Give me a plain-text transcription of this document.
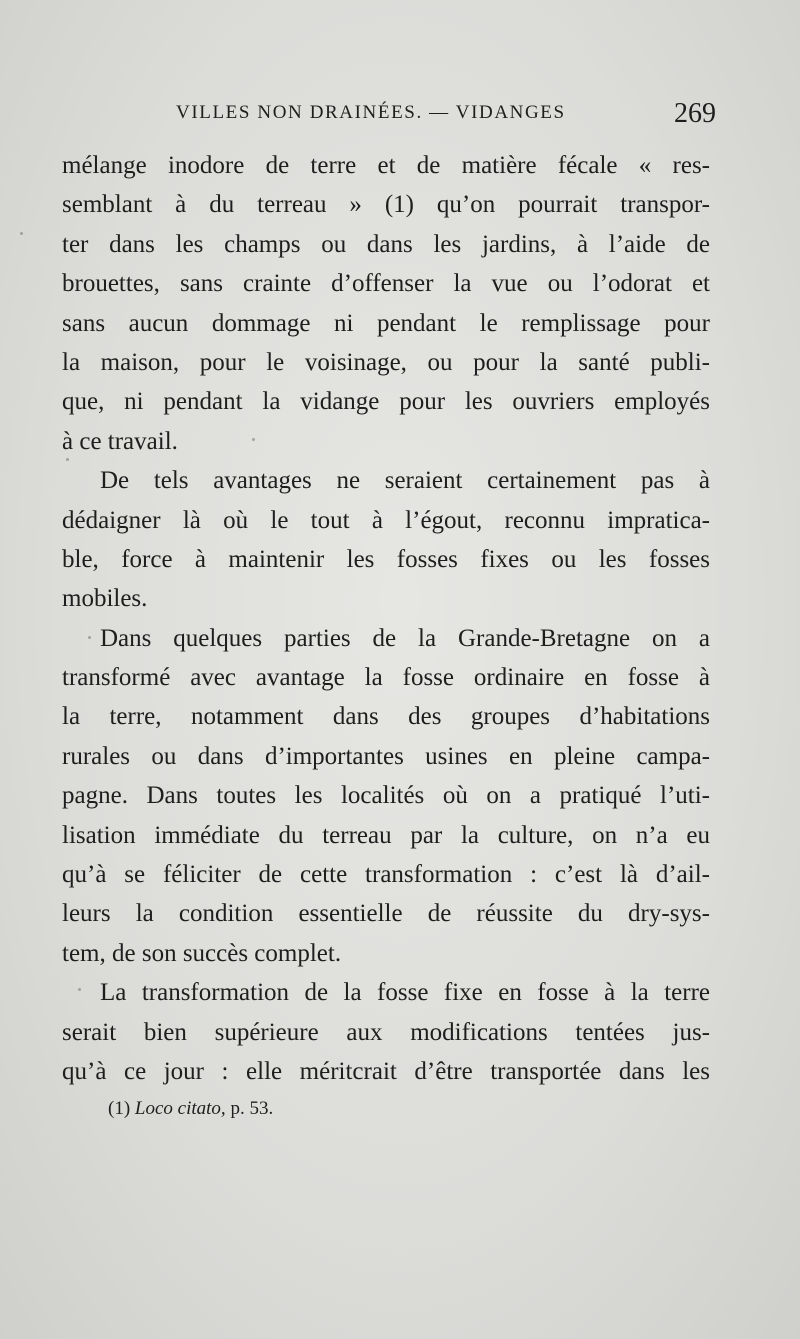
VILLES NON DRAINÉES. — VIDANGES	269
mélange inodore de terre et de matière fécale « res-
semblant à du terreau » (1) qu’on pourrait transpor-
ter dans les champs ou dans les jardins, à l’aide de
brouettes, sans crainte d’offenser la vue ou l’odorat et
sans aucun dommage ni pendant le remplissage pour
la maison, pour le voisinage, ou pour la santé publi-
que, ni pendant la vidange pour les ouvriers employés
à ce travail.
De tels avantages ne seraient certainement pas à
dédaigner là où le tout à l’égout, reconnu impratica-
ble, force à maintenir les fosses fixes ou les fosses
mobiles.
Dans quelques parties de la Grande-Bretagne on a
transformé avec avantage la fosse ordinaire en fosse à
la terre, notamment dans des groupes d’habitations
rurales ou dans d’importantes usines en pleine campa-
pagne. Dans toutes les localités où on a pratiqué l’uti-
lisation immédiate du terreau par la culture, on n’a eu
qu’à se féliciter de cette transformation : c’est là d’ail-
leurs la condition essentielle de réussite du dry-sys-
tem, de son succès complet.
La transformation de la fosse fixe en fosse à la terre
serait bien supérieure aux modifications tentées jus-
qu’à ce jour : elle méritcrait d’être transportée dans les
(1) Loco citato, p. 53.
